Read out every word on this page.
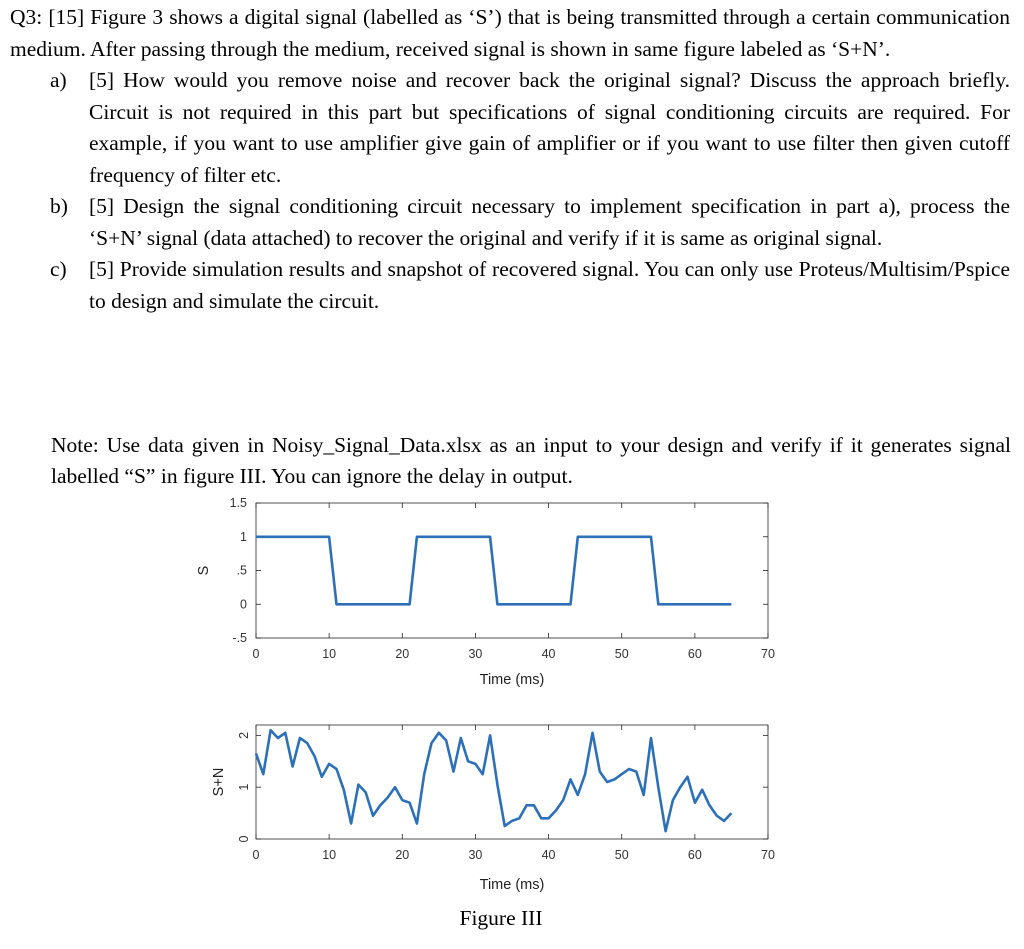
Q3: [15] Figure 3 shows a digital signal (labelled as ‘S’) that is being transmitted through a certain communication medium. After passing through the medium, received signal is shown in same figure labeled as ‘S+N’.

a) [5] How would you remove noise and recover back the original signal? Discuss the approach briefly. Circuit is not required in this part but specifications of signal conditioning circuits are required. For example, if you want to use amplifier give gain of amplifier or if you want to use filter then given cutoff frequency of filter etc.
b) [5] Design the signal conditioning circuit necessary to implement specification in part a), process the ‘S+N’ signal (data attached) to recover the original and verify if it is same as original signal.
c) [5] Provide simulation results and snapshot of recovered signal. You can only use Proteus/Multisim/Pspice to design and simulate the circuit.

Note: Use data given in Noisy_Signal_Data.xlsx as an input to your design and verify if it generates signal labelled “S” in figure III. You can ignore the delay in output.

0	10	20	30	40	50	60	70
-.5
0
.5
1
1.5
Time (ms)
S
0	10	20	30	40	50	60	70
0
1
2
Time (ms)
S+N
Figure III
